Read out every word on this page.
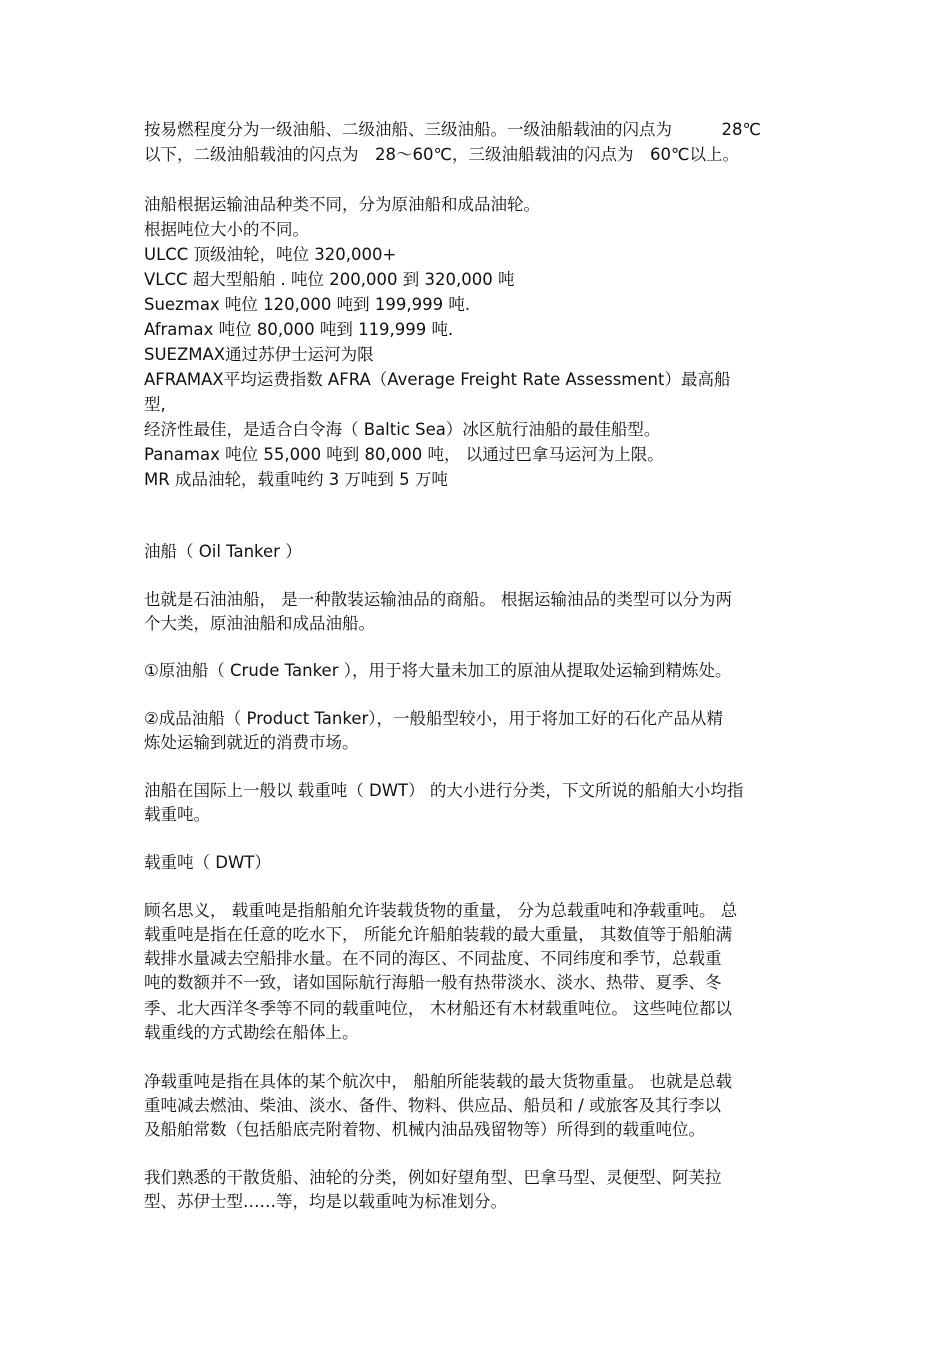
按易燃程度分为一级油船、二级油船、三级油船。一级油船载油的闪点为　　　28℃
以下，二级油船载油的闪点为　28～60℃，三级油船载油的闪点为　60℃以上。
油船根据运输油品种类不同，分为原油船和成品油轮。
根据吨位大小的不同。
ULCC 顶级油轮，吨位 320,000+
VLCC 超大型船舶 . 吨位 200,000 到 320,000 吨
Suezmax 吨位 120,000 吨到 199,999 吨.
Aframax 吨位 80,000 吨到 119,999 吨.
SUEZMAX通过苏伊士运河为限
AFRAMAX平均运费指数 AFRA（Average Freight Rate Assessment）最高船
型,
经济性最佳，是适合白令海（ Baltic Sea）冰区航行油船的最佳船型。
Panamax 吨位 55,000 吨到 80,000 吨， 以通过巴拿马运河为上限。
MR 成品油轮，载重吨约 3 万吨到 5 万吨
油船（ Oil Tanker ）
也就是石油油船， 是一种散装运输油品的商船。 根据运输油品的类型可以分为两
个大类，原油油船和成品油船。
①原油船（ Crude Tanker ），用于将大量未加工的原油从提取处运输到精炼处。
②成品油船（ Product Tanker），一般船型较小，用于将加工好的石化产品从精
炼处运输到就近的消费市场。
油船在国际上一般以 载重吨（ DWT） 的大小进行分类，下文所说的船舶大小均指
载重吨。
载重吨（ DWT）
顾名思义， 载重吨是指船舶允许装载货物的重量， 分为总载重吨和净载重吨。 总
载重吨是指在任意的吃水下， 所能允许船舶装载的最大重量， 其数值等于船舶满
载排水量减去空船排水量。在不同的海区、不同盐度、不同纬度和季节，总载重
吨的数额并不一致，诸如国际航行海船一般有热带淡水、淡水、热带、夏季、冬
季、北大西洋冬季等不同的载重吨位， 木材船还有木材载重吨位。 这些吨位都以
载重线的方式勘绘在船体上。
净载重吨是指在具体的某个航次中， 船舶所能装载的最大货物重量。 也就是总载
重吨减去燃油、柴油、淡水、备件、物料、供应品、船员和 / 或旅客及其行李以
及船舶常数（包括船底壳附着物、机械内油品残留物等）所得到的载重吨位。
我们熟悉的干散货船、油轮的分类，例如好望角型、巴拿马型、灵便型、阿芙拉
型、苏伊士型……等，均是以载重吨为标准划分。
